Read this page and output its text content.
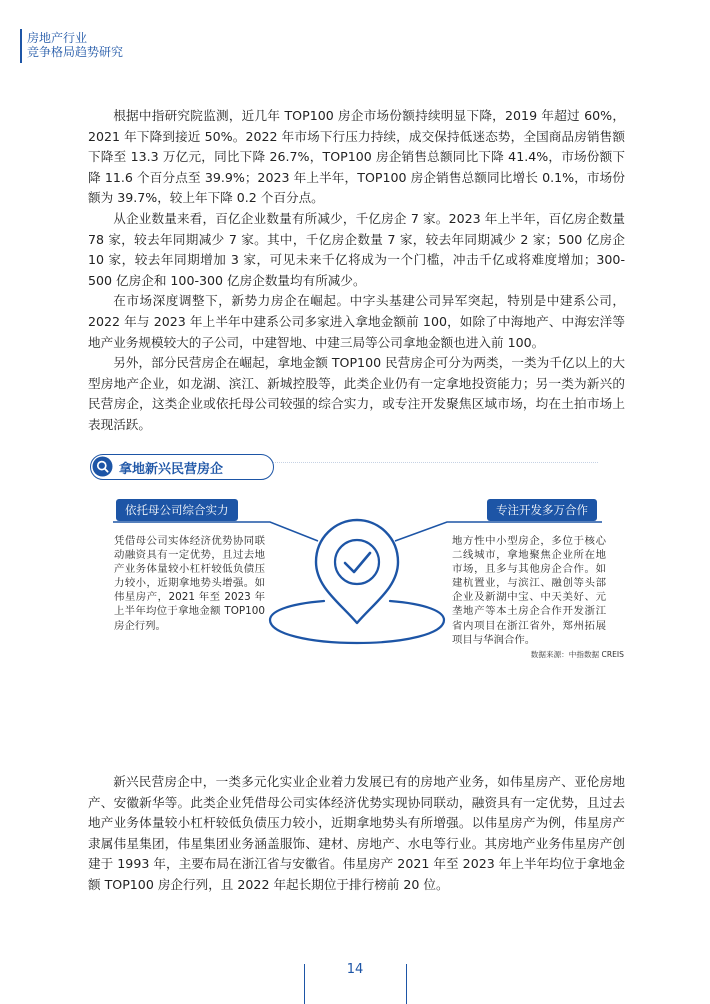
房地产行业
竞争格局趋势研究

根据中指研究院监测，近几年 TOP100 房企市场份额持续明显下降，2019 年超过 60%，2021 年下降到接近 50%。2022 年市场下行压力持续，成交保持低迷态势，全国商品房销售额下降至 13.3 万亿元，同比下降 26.7%，TOP100 房企销售总额同比下降 41.4%，市场份额下降 11.6 个百分点至 39.9%；2023 年上半年，TOP100 房企销售总额同比增长 0.1%，市场份额为 39.7%，较上年下降 0.2 个百分点。

从企业数量来看，百亿企业数量有所减少，千亿房企 7 家。2023 年上半年，百亿房企数量 78 家，较去年同期减少 7 家。其中，千亿房企数量 7 家，较去年同期减少 2 家；500 亿房企 10 家，较去年同期增加 3 家，可见未来千亿将成为一个门槛，冲击千亿或将难度增加；300-500 亿房企和 100-300 亿房企数量均有所减少。

在市场深度调整下，新势力房企在崛起。中字头基建公司异军突起，特别是中建系公司，2022 年与 2023 年上半年中建系公司多家进入拿地金额前 100，如除了中海地产、中海宏洋等地产业务规模较大的子公司，中建智地、中建三局等公司拿地金额也进入前 100。

另外，部分民营房企在崛起，拿地金额 TOP100 民营房企可分为两类，一类为千亿以上的大型房地产企业，如龙湖、滨江、新城控股等，此类企业仍有一定拿地投资能力；另一类为新兴的民营房企，这类企业或依托母公司较强的综合实力，或专注开发聚焦区域市场，均在土拍市场上表现活跃。

拿地新兴民营房企
依托母公司综合实力	专注开发多万合作
凭借母公司实体经济优势协同联动融资具有一定优势，且过去地产业务体量较小杠杆较低负债压力较小，近期拿地势头增强。如伟星房产，2021 年至 2023 年上半年均位于拿地金额 TOP100 房企行列。
地方性中小型房企，多位于核心二线城市，拿地聚焦企业所在地市场，且多与其他房企合作。如建杭置业，与滨江、融创等头部企业及新湖中宝、中天美好、元垄地产等本土房企合作开发浙江省内项目在浙江省外，郑州拓展项目与华润合作。
数据来源：中指数据 CREIS

新兴民营房企中，一类多元化实业企业着力发展已有的房地产业务，如伟星房产、亚伦房地产、安徽新华等。此类企业凭借母公司实体经济优势实现协同联动，融资具有一定优势，且过去地产业务体量较小杠杆较低负债压力较小，近期拿地势头有所增强。以伟星房产为例，伟星房产隶属伟星集团，伟星集团业务涵盖服饰、建材、房地产、水电等行业。其房地产业务伟星房产创建于 1993 年，主要布局在浙江省与安徽省。伟星房产 2021 年至 2023 年上半年均位于拿地金额 TOP100 房企行列，且 2022 年起长期位于排行榜前 20 位。

14
